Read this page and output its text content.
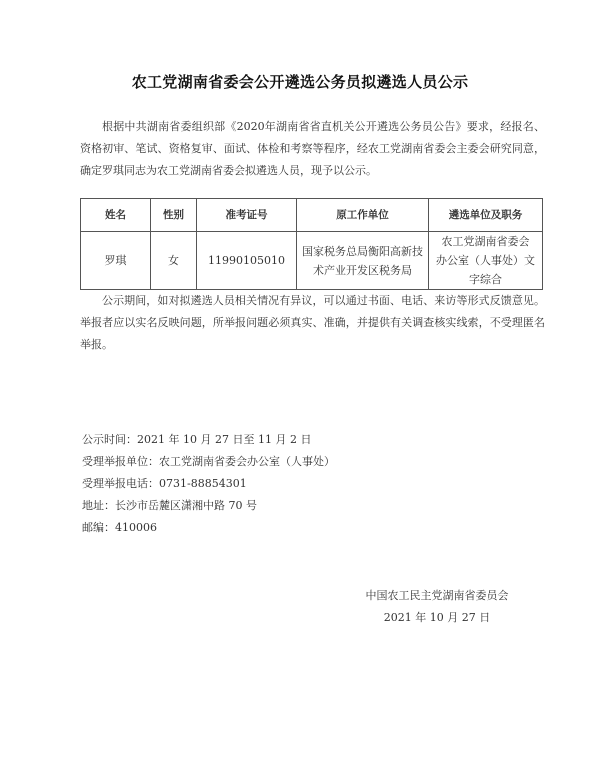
农工党湖南省委会公开遴选公务员拟遴选人员公示
根据中共湖南省委组织部《2020年湖南省省直机关公开遴选公务员公告》要求，经报名、资格初审、笔试、资格复审、面试、体检和考察等程序，经农工党湖南省委会主委会研究同意，确定罗琪同志为农工党湖南省委会拟遴选人员，现予以公示。
姓名	性别	准考证号	原工作单位	遴选单位及职务
罗琪	女	11990105010	国家税务总局衡阳高新技
术产业开发区税务局	农工党湖南省委会
办公室（人事处）文字综合
公示期间，如对拟遴选人员相关情况有异议，可以通过书面、电话、来访等形式反馈意见。举报者应以实名反映问题，所举报问题必须真实、准确，并提供有关调查核实线索，不受理匿名举报。
公示时间：2021 年 10 月 27 日至 11 月 2 日
受理举报单位：农工党湖南省委会办公室（人事处）
受理举报电话：0731-88854301
地址：长沙市岳麓区潇湘中路 70 号
邮编：410006
中国农工民主党湖南省委员会
2021 年 10 月 27 日
